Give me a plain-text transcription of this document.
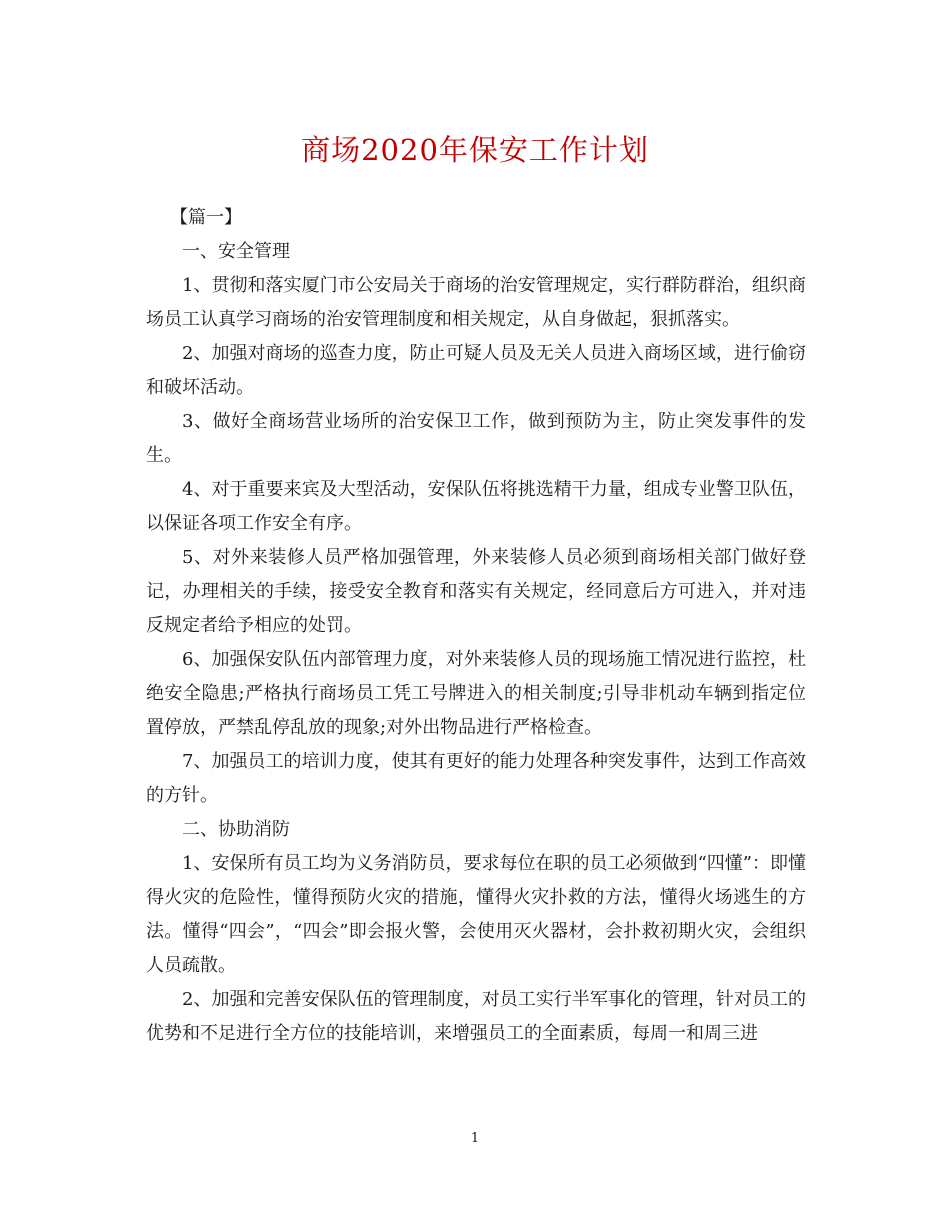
商场2020年保安工作计划

【篇一】

一、安全管理

1、贯彻和落实厦门市公安局关于商场的治安管理规定，实行群防群治，组织商场员工认真学习商场的治安管理制度和相关规定，从自身做起，狠抓落实。

2、加强对商场的巡查力度，防止可疑人员及无关人员进入商场区域，进行偷窃和破坏活动。

3、做好全商场营业场所的治安保卫工作，做到预防为主，防止突发事件的发生。

4、对于重要来宾及大型活动，安保队伍将挑选精干力量，组成专业警卫队伍，以保证各项工作安全有序。

5、对外来装修人员严格加强管理，外来装修人员必须到商场相关部门做好登记，办理相关的手续，接受安全教育和落实有关规定，经同意后方可进入，并对违反规定者给予相应的处罚。

6、加强保安队伍内部管理力度，对外来装修人员的现场施工情况进行监控，杜绝安全隐患;严格执行商场员工凭工号牌进入的相关制度;引导非机动车辆到指定位置停放，严禁乱停乱放的现象;对外出物品进行严格检查。

7、加强员工的培训力度，使其有更好的能力处理各种突发事件，达到工作高效的方针。

二、协助消防

1、安保所有员工均为义务消防员，要求每位在职的员工必须做到“四懂”：即懂得火灾的危险性，懂得预防火灾的措施，懂得火灾扑救的方法，懂得火场逃生的方法。懂得“四会”，“四会”即会报火警，会使用灭火器材，会扑救初期火灾，会组织人员疏散。

2、加强和完善安保队伍的管理制度，对员工实行半军事化的管理，针对员工的优势和不足进行全方位的技能培训，来增强员工的全面素质，每周一和周三进

1
